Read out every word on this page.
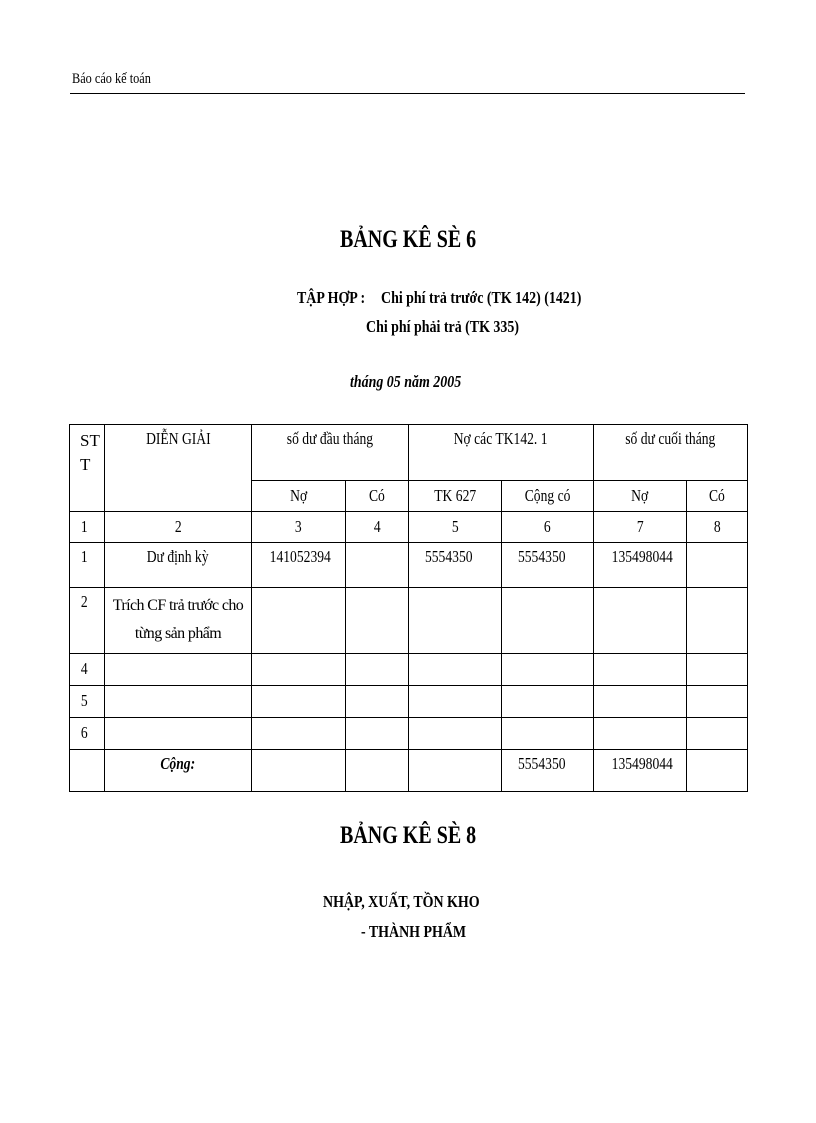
Báo cáo kế toán
BẢNG KÊ SÈ 6
TẬP HỢP : Chi phí trả trước (TK 142) (1421)
Chi phí phải trả (TK 335)
tháng 05 năm 2005
ST T	DIỄN GIẢI	số dư đầu tháng		Nợ các TK142. 1		số dư cuối tháng	
		Nợ	Có	TK 627	Cộng có	Nợ	Có
1	2	3	4	5	6	7	8
1	Dư định kỳ	141052394		5554350	5554350	135498044	
2	Trích CF trả trước cho từng sản phẩm						

4							
5							
6							
	Cộng:				5554350	135498044	
BẢNG KÊ SÈ 8
NHẬP, XUẤT, TỒN KHO
- THÀNH PHẨM
